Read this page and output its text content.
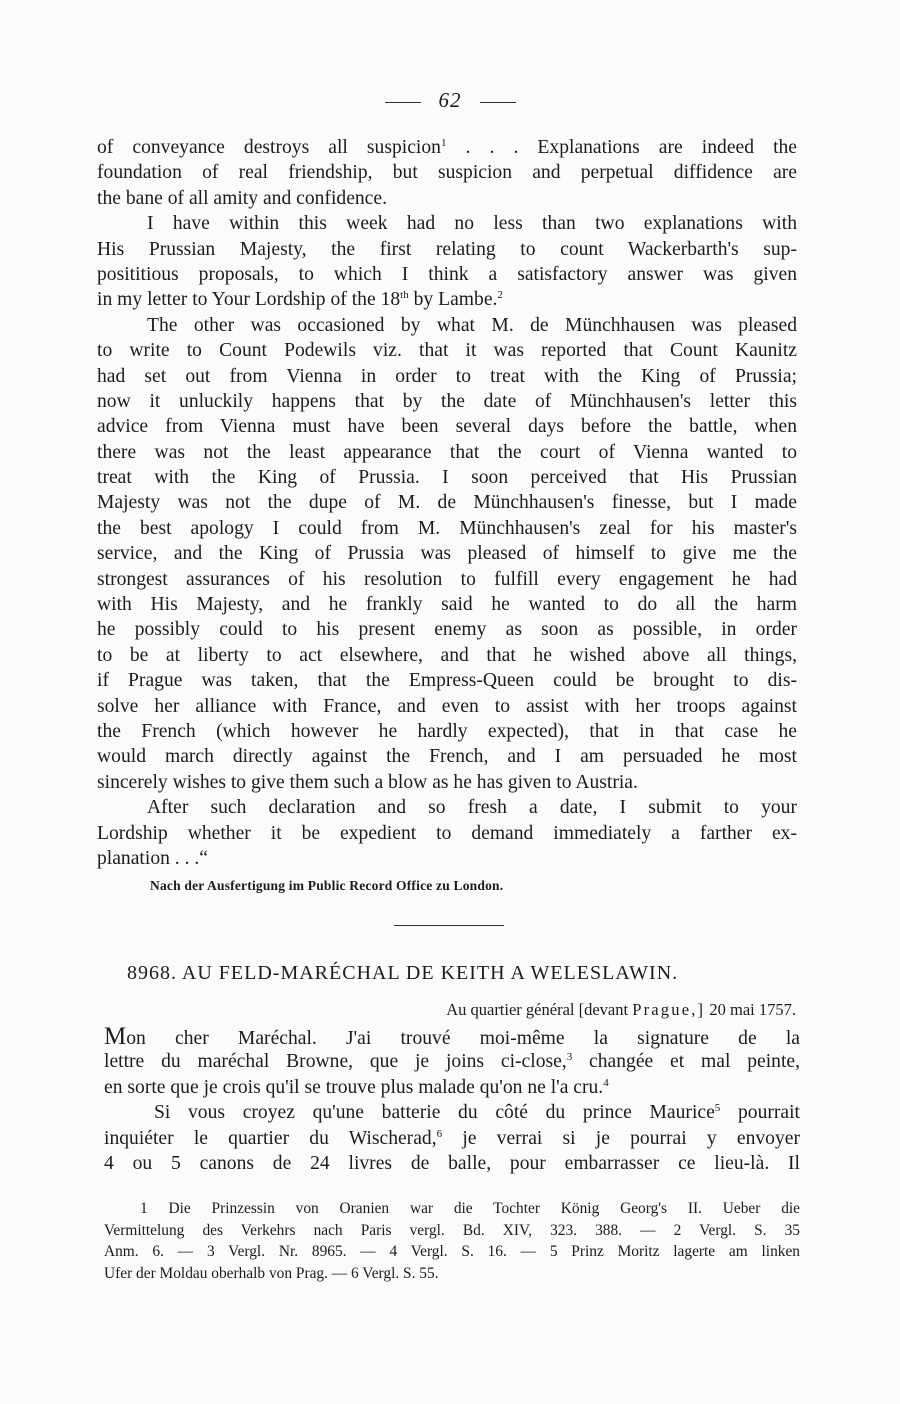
62
of conveyance destroys all suspicion$^1$ . . . Explanations are indeed the
foundation of real friendship, but suspicion and perpetual diffidence are
the bane of all amity and confidence.
I have within this week had no less than two explanations with
His Prussian Majesty, the first relating to count Wackerbarth's sup-
posititious proposals, to which I think a satisfactory answer was given
in my letter to Your Lordship of the 18th by Lambe.$^2$
The other was occasioned by what M. de Münchhausen was pleased
to write to Count Podewils viz. that it was reported that Count Kaunitz
had set out from Vienna in order to treat with the King of Prussia;
now it unluckily happens that by the date of Münchhausen's letter this
advice from Vienna must have been several days before the battle, when
there was not the least appearance that the court of Vienna wanted to
treat with the King of Prussia. I soon perceived that His Prussian
Majesty was not the dupe of M. de Münchhausen's finesse, but I made
the best apology I could from M. Münchhausen's zeal for his master's
service, and the King of Prussia was pleased of himself to give me the
strongest assurances of his resolution to fulfill every engagement he had
with His Majesty, and he frankly said he wanted to do all the harm
he possibly could to his present enemy as soon as possible, in order
to be at liberty to act elsewhere, and that he wished above all things,
if Prague was taken, that the Empress-Queen could be brought to dis-
solve her alliance with France, and even to assist with her troops against
the French (which however he hardly expected), that in that case he
would march directly against the French, and I am persuaded he most
sincerely wishes to give them such a blow as he has given to Austria.
After such declaration and so fresh a date, I submit to your
Lordship whether it be expedient to demand immediately a farther ex-
planation . . .“
Nach der Ausfertigung im Public Record Office zu London.
8968. AU FELD-MARÉCHAL DE KEITH A WELESLAWIN.
Au quartier général [devant Prague,] 20 mai 1757.
Mon cher Maréchal. J'ai trouvé moi-même la signature de la
lettre du maréchal Browne, que je joins ci-close,$^3$ changée et mal peinte,
en sorte que je crois qu'il se trouve plus malade qu'on ne l'a cru.$^4$
Si vous croyez qu'une batterie du côté du prince Maurice$^5$ pourrait
inquiéter le quartier du Wischerad,$^6$ je verrai si je pourrai y envoyer
4 ou 5 canons de 24 livres de balle, pour embarrasser ce lieu-là. Il
1 Die Prinzessin von Oranien war die Tochter König Georg's II. Ueber die
Vermittelung des Verkehrs nach Paris vergl. Bd. XIV, 323. 388. — 2 Vergl. S. 35
Anm. 6. — 3 Vergl. Nr. 8965. — 4 Vergl. S. 16. — 5 Prinz Moritz lagerte am linken
Ufer der Moldau oberhalb von Prag. — 6 Vergl. S. 55.
